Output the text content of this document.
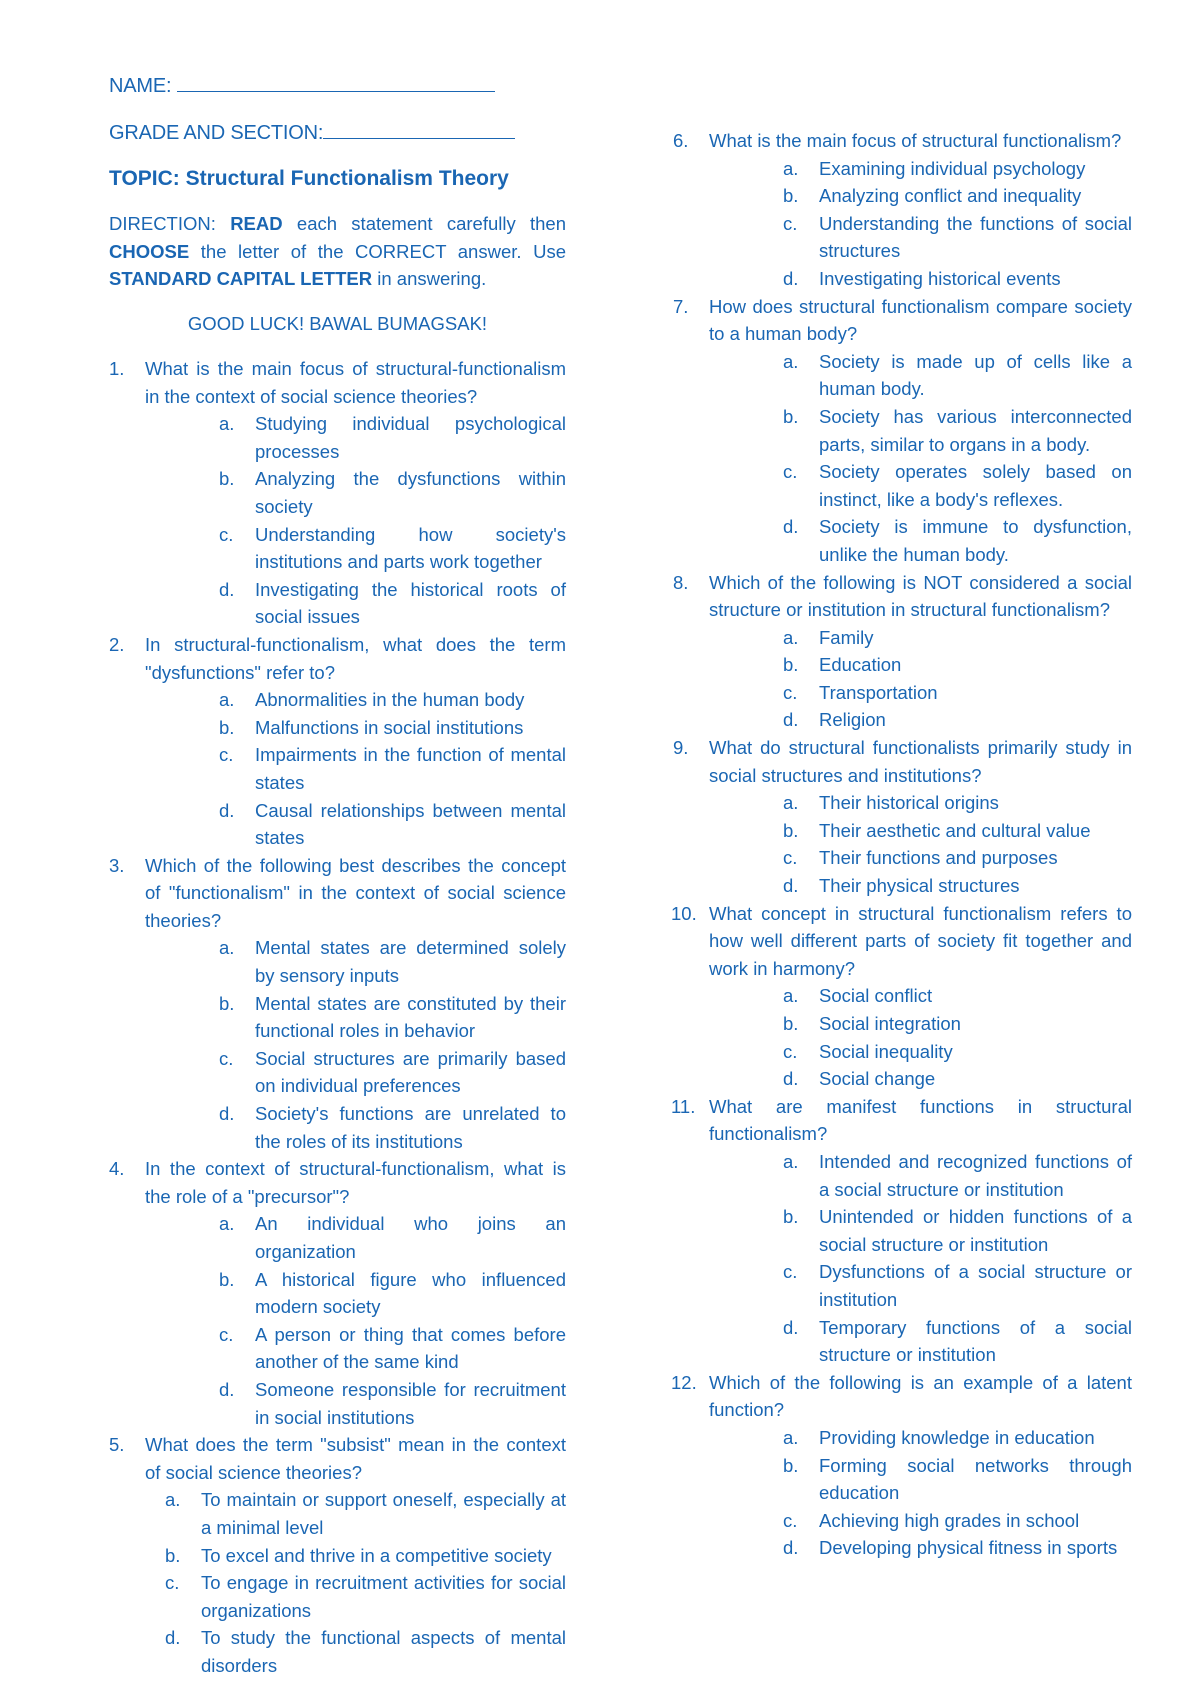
NAME:
GRADE AND SECTION:
TOPIC: Structural Functionalism Theory
DIRECTION: READ each statement carefully then CHOOSE the letter of the CORRECT answer. Use STANDARD CAPITAL LETTER in answering.
GOOD LUCK! BAWAL BUMAGSAK!
1. What is the main focus of structural-functionalism in the context of social science theories?
a. Studying individual psychological processes
b. Analyzing the dysfunctions within society
c. Understanding how society's institutions and parts work together
d. Investigating the historical roots of social issues
2. In structural-functionalism, what does the term "dysfunctions" refer to?
a. Abnormalities in the human body
b. Malfunctions in social institutions
c. Impairments in the function of mental states
d. Causal relationships between mental states
3. Which of the following best describes the concept of "functionalism" in the context of social science theories?
a. Mental states are determined solely by sensory inputs
b. Mental states are constituted by their functional roles in behavior
c. Social structures are primarily based on individual preferences
d. Society's functions are unrelated to the roles of its institutions
4. In the context of structural-functionalism, what is the role of a "precursor"?
a. An individual who joins an organization
b. A historical figure who influenced modern society
c. A person or thing that comes before another of the same kind
d. Someone responsible for recruitment in social institutions
5. What does the term "subsist" mean in the context of social science theories?
a. To maintain or support oneself, especially at a minimal level
b. To excel and thrive in a competitive society
c. To engage in recruitment activities for social organizations
d. To study the functional aspects of mental disorders
6. What is the main focus of structural functionalism?
a. Examining individual psychology
b. Analyzing conflict and inequality
c. Understanding the functions of social structures
d. Investigating historical events
7. How does structural functionalism compare society to a human body?
a. Society is made up of cells like a human body.
b. Society has various interconnected parts, similar to organs in a body.
c. Society operates solely based on instinct, like a body's reflexes.
d. Society is immune to dysfunction, unlike the human body.
8. Which of the following is NOT considered a social structure or institution in structural functionalism?
a. Family
b. Education
c. Transportation
d. Religion
9. What do structural functionalists primarily study in social structures and institutions?
a. Their historical origins
b. Their aesthetic and cultural value
c. Their functions and purposes
d. Their physical structures
10. What concept in structural functionalism refers to how well different parts of society fit together and work in harmony?
a. Social conflict
b. Social integration
c. Social inequality
d. Social change
11. What are manifest functions in structural functionalism?
a. Intended and recognized functions of a social structure or institution
b. Unintended or hidden functions of a social structure or institution
c. Dysfunctions of a social structure or institution
d. Temporary functions of a social structure or institution
12. Which of the following is an example of a latent function?
a. Providing knowledge in education
b. Forming social networks through education
c. Achieving high grades in school
d. Developing physical fitness in sports
